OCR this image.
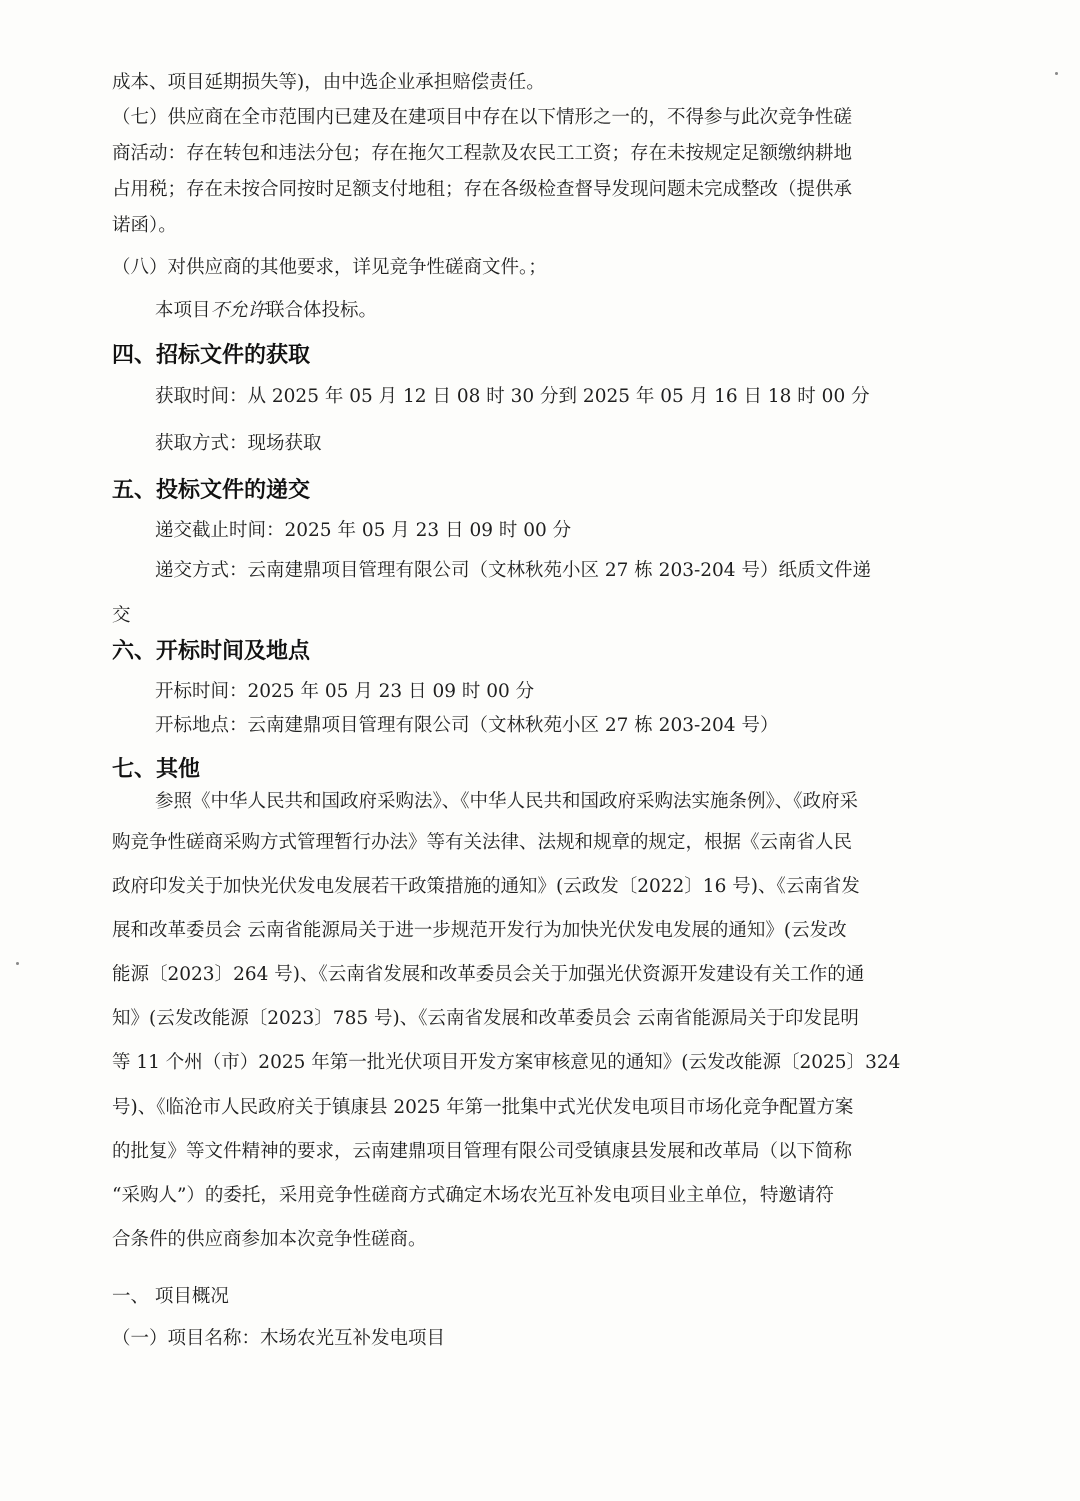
成本、项目延期损失等)，由中选企业承担赔偿责任。

（七）供应商在全市范围内已建及在建项目中存在以下情形之一的，不得参与此次竞争性磋

商活动：存在转包和违法分包；存在拖欠工程款及农民工工资；存在未按规定足额缴纳耕地

占用税；存在未按合同按时足额支付地租；存在各级检查督导发现问题未完成整改（提供承

诺函）。

（八）对供应商的其他要求，详见竞争性磋商文件。；

本项目不允许联合体投标。

四、招标文件的获取

获取时间：从 2025 年 05 月 12 日 08 时 30 分到 2025 年 05 月 16 日 18 时 00 分

获取方式：现场获取

五、投标文件的递交

递交截止时间：2025 年 05 月 23 日 09 时 00 分

递交方式：云南建鼎项目管理有限公司（文林秋苑小区 27 栋 203-204 号）纸质文件递

交

六、开标时间及地点

开标时间：2025 年 05 月 23 日 09 时 00 分

开标地点：云南建鼎项目管理有限公司（文林秋苑小区 27 栋 203-204 号）

七、其他

参照《中华人民共和国政府采购法》、《中华人民共和国政府采购法实施条例》、《政府采

购竞争性磋商采购方式管理暂行办法》等有关法律、法规和规章的规定，根据《云南省人民

政府印发关于加快光伏发电发展若干政策措施的通知》(云政发〔2022〕16 号)、《云南省发

展和改革委员会 云南省能源局关于进一步规范开发行为加快光伏发电发展的通知》(云发改

能源〔2023〕264 号)、《云南省发展和改革委员会关于加强光伏资源开发建设有关工作的通

知》(云发改能源〔2023〕785 号)、《云南省发展和改革委员会 云南省能源局关于印发昆明

等 11 个州（市）2025 年第一批光伏项目开发方案审核意见的通知》(云发改能源〔2025〕324

号)、《临沧市人民政府关于镇康县 2025 年第一批集中式光伏发电项目市场化竞争配置方案

的批复》等文件精神的要求，云南建鼎项目管理有限公司受镇康县发展和改革局（以下简称

“采购人”）的委托，采用竞争性磋商方式确定木场农光互补发电项目业主单位，特邀请符

合条件的供应商参加本次竞争性磋商。

一、 项目概况

（一）项目名称：木场农光互补发电项目
